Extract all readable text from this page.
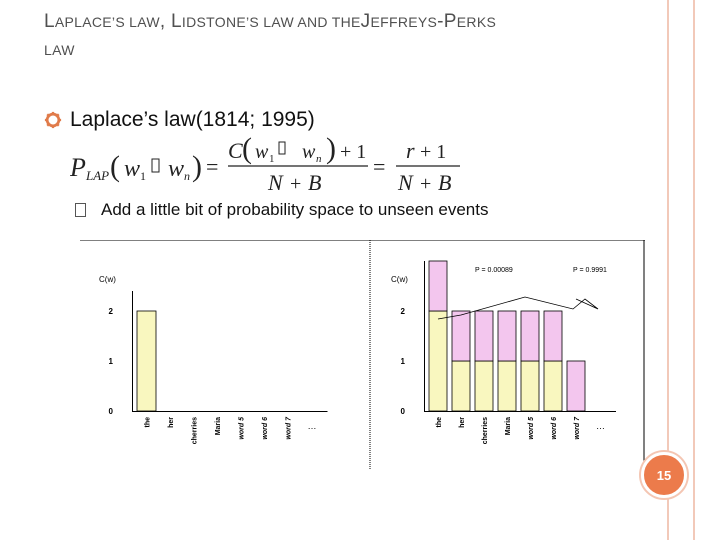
LAPLACE’S LAW, LIDSTONE’S LAW AND THEJEFFREYS-PERKS
LAW
Laplace’s law(1814; 1995)
P LAP ( w 1 w n ) =
C ( w 1 w n ) + 1
N + B
=
r + 1
N + B
Add a little bit of probability space to unseen events
C(w)
0
1
2
the her cherries Maria word 5 word 6 word 7 …
C(w)
0
1
2
the her cherries Maria word 5 word 6 word 7 …
P = 0.00089	P = 0.9991
15
